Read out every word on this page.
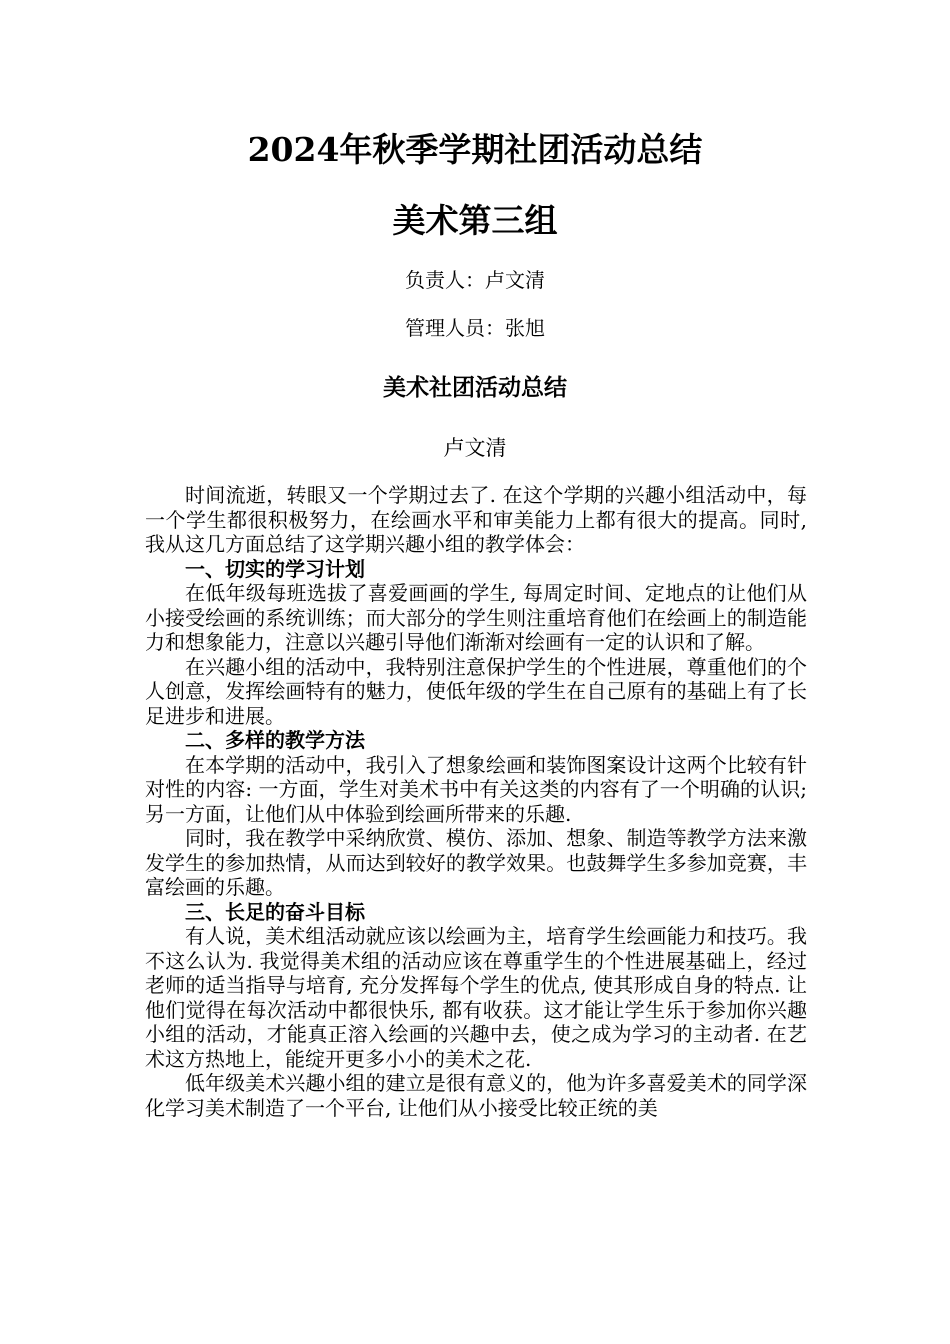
2024年秋季学期社团活动总结
美术第三组

负责人：卢文清

管理人员：张旭

美术社团活动总结

卢文清

时间流逝，转眼又一个学期过去了. 在这个学期的兴趣小组活动中，每一个学生都很积极努力，在绘画水平和审美能力上都有很大的提高。同时, 我从这几方面总结了这学期兴趣小组的教学体会：

一、切实的学习计划

在低年级每班选拔了喜爱画画的学生, 每周定时间、定地点的让他们从小接受绘画的系统训练；而大部分的学生则注重培育他们在绘画上的制造能力和想象能力，注意以兴趣引导他们渐渐对绘画有一定的认识和了解。

在兴趣小组的活动中，我特别注意保护学生的个性进展，尊重他们的个人创意，发挥绘画特有的魅力，使低年级的学生在自己原有的基础上有了长足进步和进展。

二、多样的教学方法

在本学期的活动中，我引入了想象绘画和装饰图案设计这两个比较有针对性的内容: 一方面，学生对美术书中有关这类的内容有了一个明确的认识; 另一方面，让他们从中体验到绘画所带来的乐趣.

同时，我在教学中采纳欣赏、模仿、添加、想象、制造等教学方法来激发学生的参加热情，从而达到较好的教学效果。也鼓舞学生多参加竞赛，丰富绘画的乐趣。

三、长足的奋斗目标

有人说，美术组活动就应该以绘画为主，培育学生绘画能力和技巧。我不这么认为. 我觉得美术组的活动应该在尊重学生的个性进展基础上，经过老师的适当指导与培育, 充分发挥每个学生的优点, 使其形成自身的特点. 让他们觉得在每次活动中都很快乐, 都有收获。这才能让学生乐于参加你兴趣小组的活动，才能真正溶入绘画的兴趣中去，使之成为学习的主动者. 在艺术这方热地上，能绽开更多小小的美术之花.

低年级美术兴趣小组的建立是很有意义的，他为许多喜爱美术的同学深化学习美术制造了一个平台, 让他们从小接受比较正统的美
